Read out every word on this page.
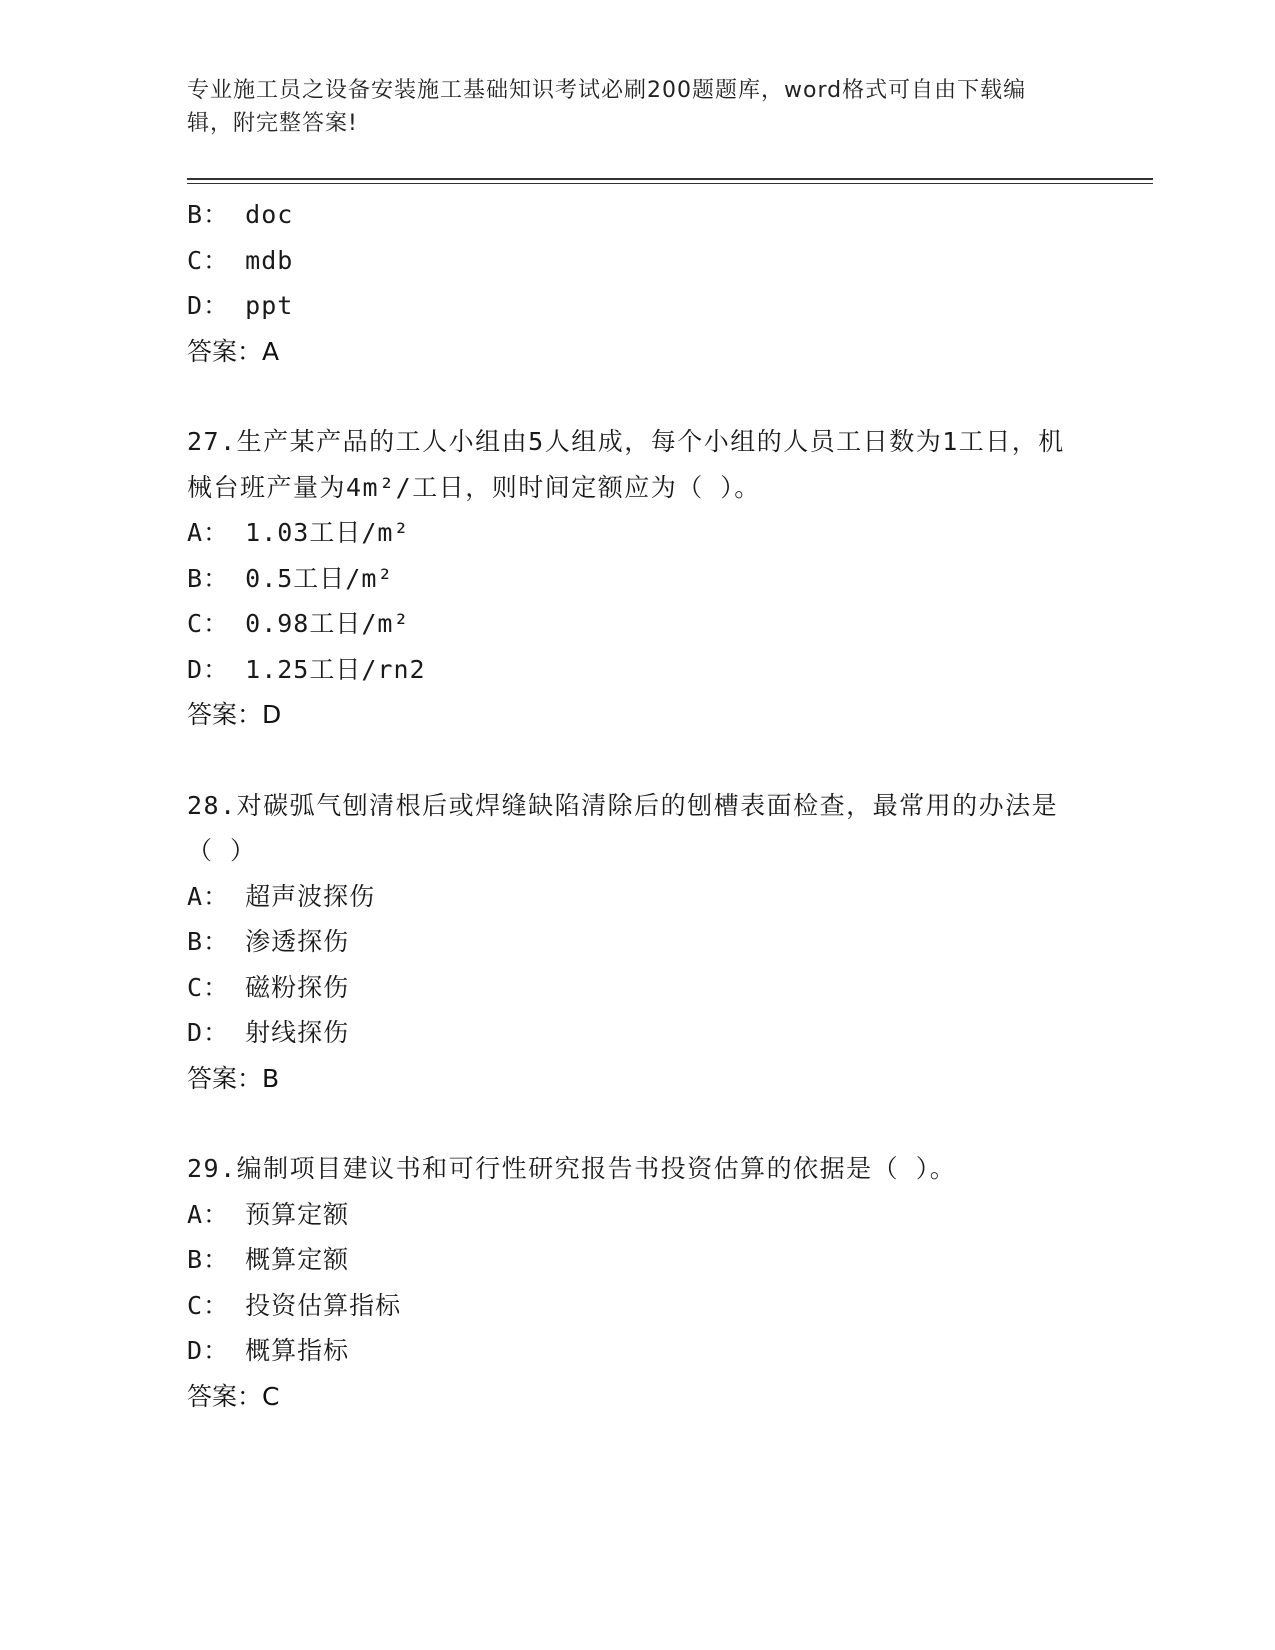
专业施工员之设备安装施工基础知识考试必刷200题题库，word格式可自由下载编辑，附完整答案!
B： doc
C： mdb
D： ppt
答案：A
27.生产某产品的工人小组由5人组成，每个小组的人员工日数为1工日，机械台班产量为4m²/工日，则时间定额应为（ ）。
A： 1.03工日/m²
B： 0.5工日/m²
C： 0.98工日/m²
D： 1.25工日/rn2
答案：D
28.对碳弧气刨清根后或焊缝缺陷清除后的刨槽表面检查，最常用的办法是（ ）
A： 超声波探伤
B： 渗透探伤
C： 磁粉探伤
D： 射线探伤
答案：B
29.编制项目建议书和可行性研究报告书投资估算的依据是（ ）。
A： 预算定额
B： 概算定额
C： 投资估算指标
D： 概算指标
答案：C
